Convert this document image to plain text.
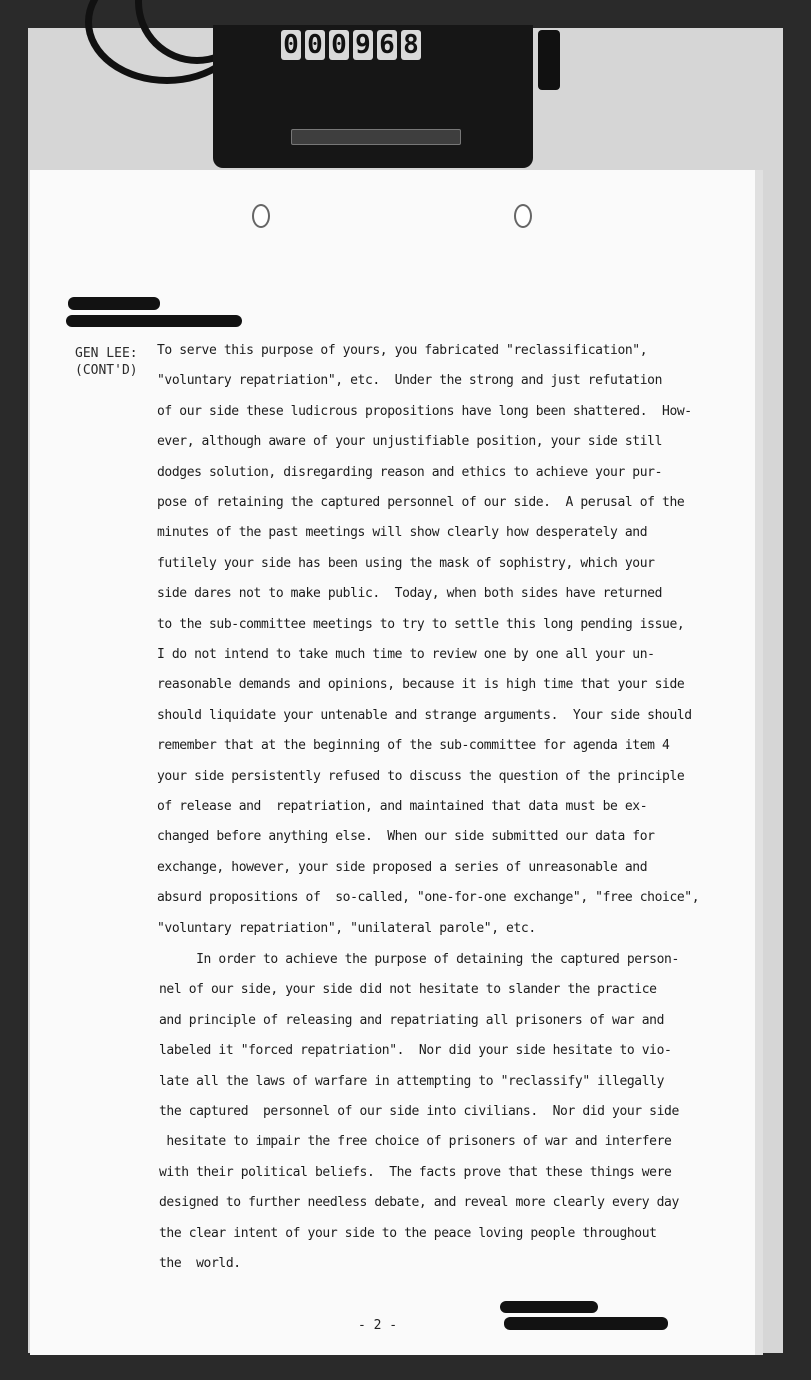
0 0 0 9 6 8
GEN LEE:
(CONT'D)
To serve this purpose of yours, you fabricated "reclassification",
"voluntary repatriation", etc.  Under the strong and just refutation
of our side these ludicrous propositions have long been shattered.  How-
ever, although aware of your unjustifiable position, your side still
dodges solution, disregarding reason and ethics to achieve your pur-
pose of retaining the captured personnel of our side.  A perusal of the
minutes of the past meetings will show clearly how desperately and
futilely your side has been using the mask of sophistry, which your
side dares not to make public.  Today, when both sides have returned
to the sub-committee meetings to try to settle this long pending issue,
I do not intend to take much time to review one by one all your un-
reasonable demands and opinions, because it is high time that your side
should liquidate your untenable and strange arguments.  Your side should
remember that at the beginning of the sub-committee for agenda item 4
your side persistently refused to discuss the question of the principle
of release and  repatriation, and maintained that data must be ex-
changed before anything else.  When our side submitted our data for
exchange, however, your side proposed a series of unreasonable and
absurd propositions of  so-called, "one-for-one exchange", "free choice",
"voluntary repatriation", "unilateral parole", etc.
In order to achieve the purpose of detaining the captured person-
nel of our side, your side did not hesitate to slander the practice
and principle of releasing and repatriating all prisoners of war and
labeled it "forced repatriation".  Nor did your side hesitate to vio-
late all the laws of warfare in attempting to "reclassify" illegally
the captured  personnel of our side into civilians.  Nor did your side
hesitate to impair the free choice of prisoners of war and interfere
with their political beliefs.  The facts prove that these things were
designed to further needless debate, and reveal more clearly every day
the clear intent of your side to the peace loving people throughout
the  world.
- 2 -
